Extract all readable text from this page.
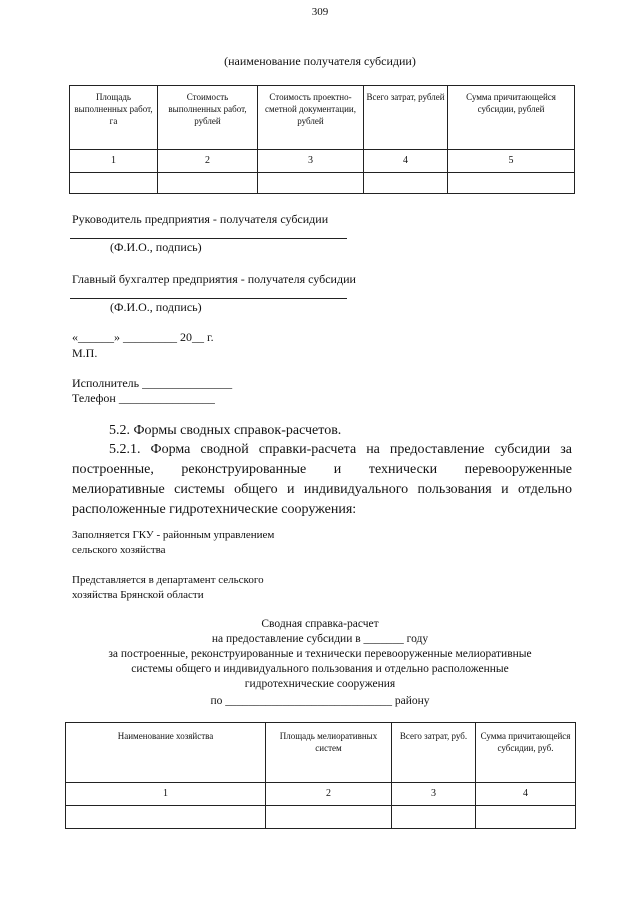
309
(наименование получателя субсидии)
Площадь выполненных работ, га	Стоимость выполненных работ, рублей	Стоимость проектно-сметной документации, рублей	Всего затрат, рублей	Сумма причитающейся субсидии, рублей
1	2	3	4	5

Руководитель предприятия - получателя субсидии
(Ф.И.О., подпись)
Главный бухгалтер предприятия - получателя субсидии
(Ф.И.О., подпись)
«______» _________ 20__ г.
М.П.
Исполнитель _______________
Телефон ________________
5.2. Формы сводных справок-расчетов.
5.2.1. Форма сводной справки-расчета на предоставление субсидии за
построенные, реконструированные и технически перевооруженные
мелиоративные системы общего и индивидуального пользования и отдельно
расположенные гидротехнические сооружения:
Заполняется ГКУ - районным управлением
сельского хозяйства
Представляется в департамент сельского
хозяйства Брянской области
Сводная справка-расчет
на предоставление субсидии в _______ году
за построенные, реконструированные и технически перевооруженные мелиоративные
системы общего и индивидуального пользования и отдельно расположенные
гидротехнические сооружения
по _____________________________ району
Наименование хозяйства	Площадь мелиоративных систем	Всего затрат, руб.	Сумма причитающейся субсидии, руб.
1	2	3	4
